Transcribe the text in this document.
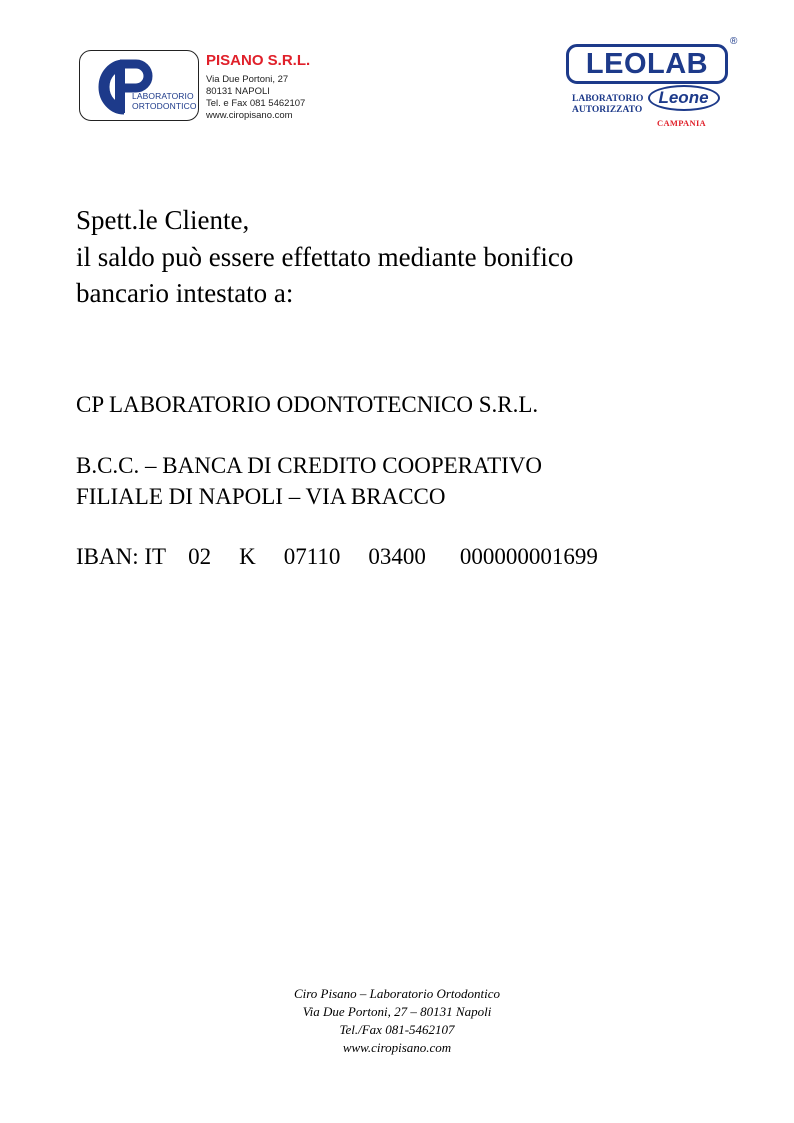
LABORATORIO
ORTODONTICO
PISANO S.R.L.
Via Due Portoni, 27
80131 NAPOLI
Tel. e Fax 081 5462107
www.ciropisano.com
®
LEOLAB
LABORATORIO
AUTORIZZATO
Leone
CAMPANIA
Spett.le Cliente,
il saldo può essere effettato mediante bonifico
bancario intestato a:
CP LABORATORIO ODONTOTECNICO S.R.L.
B.C.C. – BANCA DI CREDITO COOPERATIVO
FILIALE DI NAPOLI – VIA BRACCO
IBAN: IT 02 K 07110 03400 000000001699
Ciro Pisano – Laboratorio Ortodontico
Via Due Portoni, 27 – 80131 Napoli
Tel./Fax 081-5462107
www.ciropisano.com
